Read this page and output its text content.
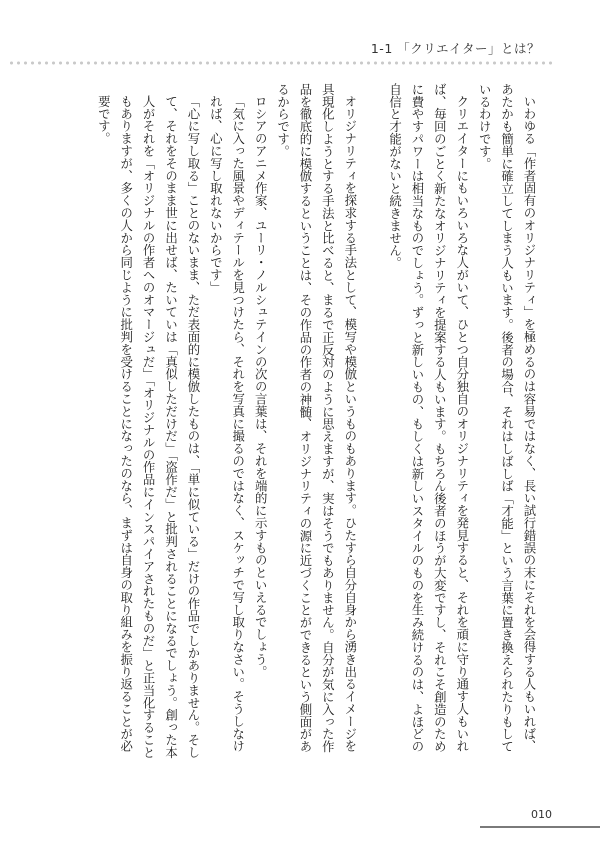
1-1 「クリエイター」とは？

いわゆる「作者固有のオリジナリティ」を極めるのは容易ではなく、長い試行錯誤の末にそれを会得する人もいれば、あたかも簡単に確立してしまう人もいます。後者の場合、それはしばしば「才能」という言葉に置き換えられたりもしているわけです。

クリエイターにもいろいろな人がいて、ひとつ自分独自のオリジナリティを発見すると、それを頑に守り通す人もいれば、毎回のごとく新たなオリジナリティを提案する人もいます。もちろん後者のほうが大変ですし、それこそ創造のために費やすパワーは相当なものでしょう。ずっと新しいもの、もしくは新しいスタイルのものを生み続けるのは、よほどの自信と才能がないと続きません。

オリジナリティを探求する手法として、模写や模倣というものもあります。ひたすら自分自身から湧き出るイメージを具現化しようとする手法と比べると、まるで正反対のように思えますが、実はそうでもありません。自分が気に入った作品を徹底的に模倣するということは、その作品の作者の神髄、オリジナリティの源に近づくことができるという側面があるからです。

ロシアのアニメ作家、ユーリ・ノルシュテインの次の言葉は、それを端的に示すものといえるでしょう。

「気に入った風景やディテールを見つけたら、それを写真に撮るのではなく、スケッチで写し取りなさい。そうしなければ、心に写し取れないからです」

「心に写し取る」ことのないまま、ただ表面的に模倣したものは、「単に似ている」だけの作品でしかありません。そして、それをそのまま世に出せば、たいていは「真似しただけだ」「盗作だ」と批判されることになるでしょう。創った本人がそれを「オリジナルの作者へのオマージュだ」「オリジナルの作品にインスパイアされたものだ」と正当化することもありますが、多くの人から同じように批判を受けることになったのなら、まずは自身の取り組みを振り返ることが必要です。

010
